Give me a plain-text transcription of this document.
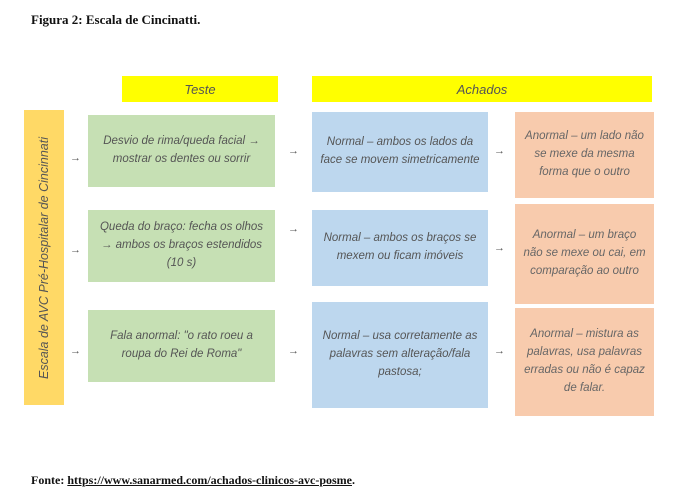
Figura 2: Escala de Cincinatti.
Teste	Achados
Escala de AVC Pré-Hospitalar de Cincinnati →
Desvio de rima/queda facial → mostrar os dentes ou sorrir
→
Normal – ambos os lados da face se movem simetricamente
→
Anormal – um lado não se mexe da mesma forma que o outro
→
Queda do braço: fecha os olhos → ambos os braços estendidos (10 s)
→
Normal – ambos os braços se mexem ou ficam imóveis
→
Anormal – um braço não se mexe ou cai, em comparação ao outro
→
Fala anormal: "o rato roeu a roupa do Rei de Roma"	→
Normal – usa corretamente as palavras sem alteração/fala pastosa;
→
Anormal – mistura as palavras, usa palavras erradas ou não é capaz de falar.
Fonte: https://www.sanarmed.com/achados-clinicos-avc-posme.
